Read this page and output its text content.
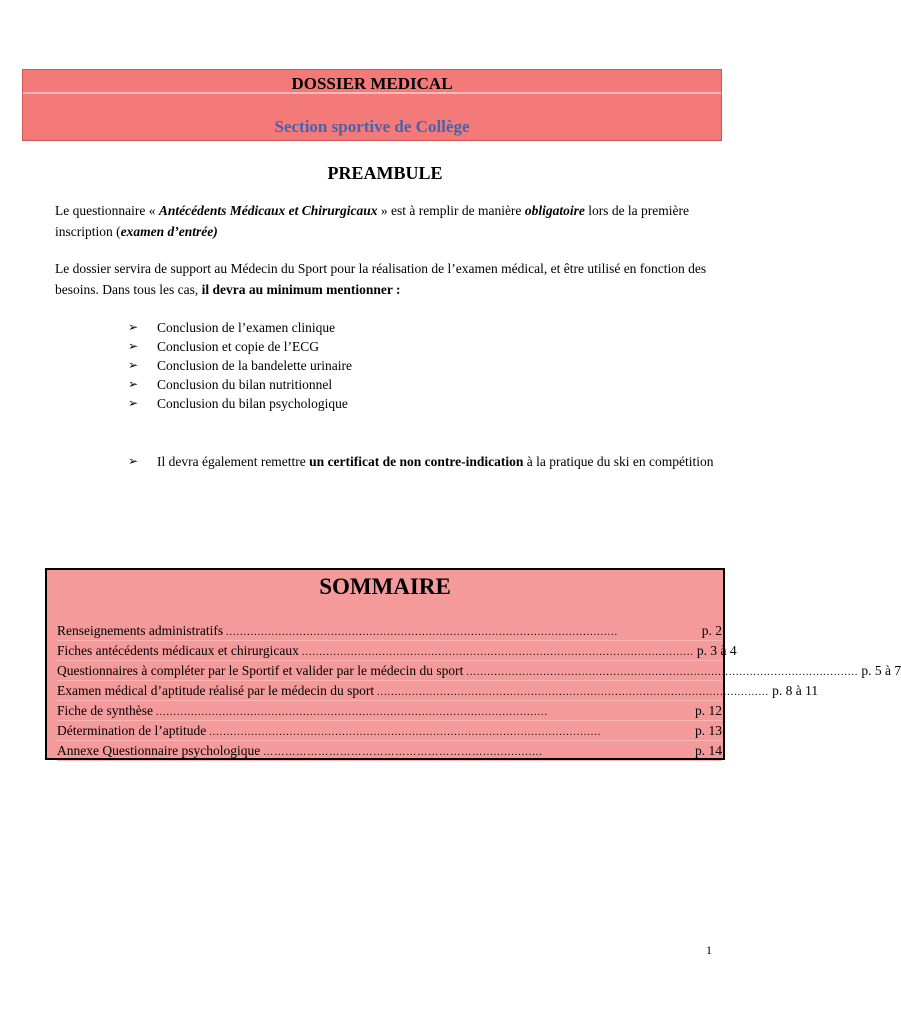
DOSSIER MEDICAL
Section sportive de Collège
PREAMBULE
Le questionnaire « Antécédents Médicaux et Chirurgicaux » est à remplir de manière obligatoire lors de la première inscription (examen d’entrée)
Le dossier servira de support au Médecin du Sport pour la réalisation de l’examen médical, et être utilisé en fonction des besoins. Dans tous les cas, il devra au minimum mentionner :
➢ Conclusion de l’examen clinique
➢ Conclusion et copie de l’ECG
➢ Conclusion de la bandelette urinaire
➢ Conclusion du bilan nutritionnel
➢ Conclusion du bilan psychologique
➢ Il devra également remettre un certificat de non contre-indication à la pratique du ski en compétition
SOMMAIRE
Renseignements administratifs ................................................................................................................	p. 2
Fiches antécédents médicaux et chirurgicaux ................................................................................................................ p. 3 à 4
Questionnaires à compléter par le Sportif et valider par le médecin du sport ................................................................................................................ p. 5 à 7
Examen médical d’aptitude réalisé par le médecin du sport ................................................................................................................ p. 8 à 11
Fiche de synthèse ................................................................................................................	p. 12
Détermination de l’aptitude ................................................................................................................	p. 13
Annexe Questionnaire psychologique …………………………………………………….................	p. 14
1
